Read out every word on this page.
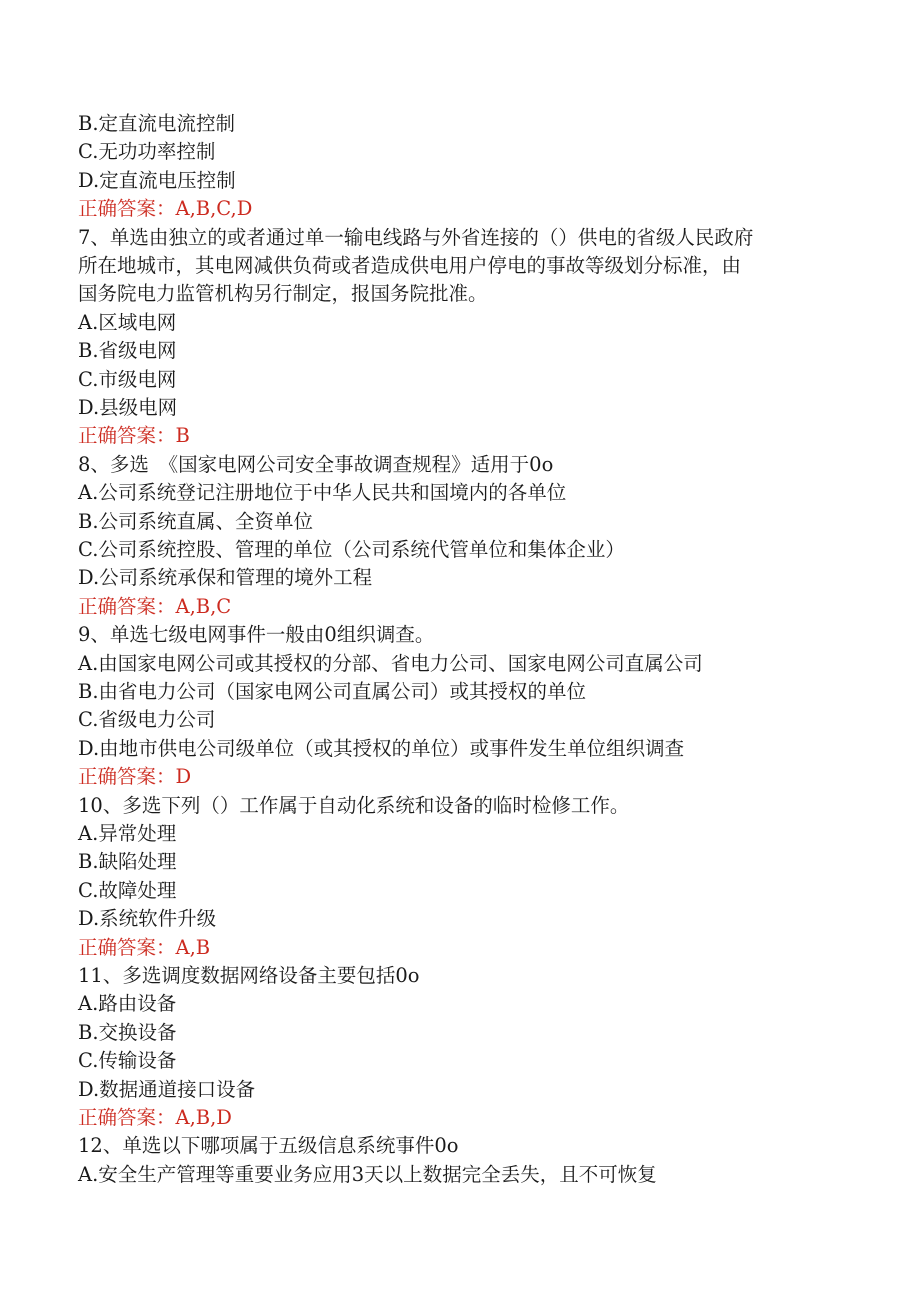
B.定直流电流控制

C.无功功率控制

D.定直流电压控制

正确答案：A,B,C,D

7、单选由独立的或者通过单一输电线路与外省连接的（）供电的省级人民政府

所在地城市，其电网减供负荷或者造成供电用户停电的事故等级划分标准，由

国务院电力监管机构另行制定，报国务院批准。

A.区域电网

B.省级电网

C.市级电网

D.县级电网

正确答案：B

8、多选　《国家电网公司安全事故调查规程》适用于0o

A.公司系统登记注册地位于中华人民共和国境内的各单位

B.公司系统直属、全资单位

C.公司系统控股、管理的单位（公司系统代管单位和集体企业）

D.公司系统承保和管理的境外工程

正确答案：A,B,C

9、单选七级电网事件一般由0组织调查。

A.由国家电网公司或其授权的分部、省电力公司、国家电网公司直属公司

B.由省电力公司（国家电网公司直属公司）或其授权的单位

C.省级电力公司

D.由地市供电公司级单位（或其授权的单位）或事件发生单位组织调查

正确答案：D

10、多选下列（）工作属于自动化系统和设备的临时检修工作。

A.异常处理

B.缺陷处理

C.故障处理

D.系统软件升级

正确答案：A,B

11、多选调度数据网络设备主要包括0o

A.路由设备

B.交换设备

C.传输设备

D.数据通道接口设备

正确答案：A,B,D

12、单选以下哪项属于五级信息系统事件0o

A.安全生产管理等重要业务应用3天以上数据完全丢失，且不可恢复
